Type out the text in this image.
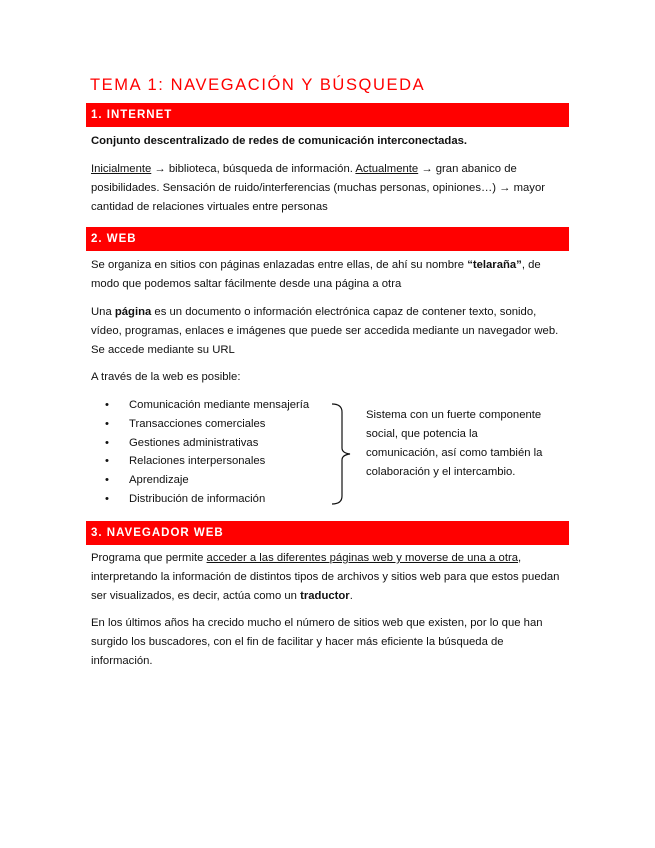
TEMA 1: NAVEGACIÓN Y BÚSQUEDA
1. INTERNET
Conjunto descentralizado de redes de comunicación interconectadas.
Inicialmente → biblioteca, búsqueda de información. Actualmente → gran abanico de posibilidades. Sensación de ruido/interferencias (muchas personas, opiniones…) → mayor cantidad de relaciones virtuales entre personas
2. WEB
Se organiza en sitios con páginas enlazadas entre ellas, de ahí su nombre “telaraña”, de modo que podemos saltar fácilmente desde una página a otra
Una página es un documento o información electrónica capaz de contener texto, sonido, vídeo, programas, enlaces e imágenes que puede ser accedida mediante un navegador web. Se accede mediante su URL
A través de la web es posible:
• Comunicación mediante mensajería
• Transacciones comerciales
• Gestiones administrativas
• Relaciones interpersonales
• Aprendizaje
• Distribución de información
Sistema con un fuerte componente social, que potencia la comunicación, así como también la colaboración y el intercambio.
3. NAVEGADOR WEB
Programa que permite acceder a las diferentes páginas web y moverse de una a otra, interpretando la información de distintos tipos de archivos y sitios web para que estos puedan ser visualizados, es decir, actúa como un traductor.
En los últimos años ha crecido mucho el número de sitios web que existen, por lo que han surgido los buscadores, con el fin de facilitar y hacer más eficiente la búsqueda de información.
